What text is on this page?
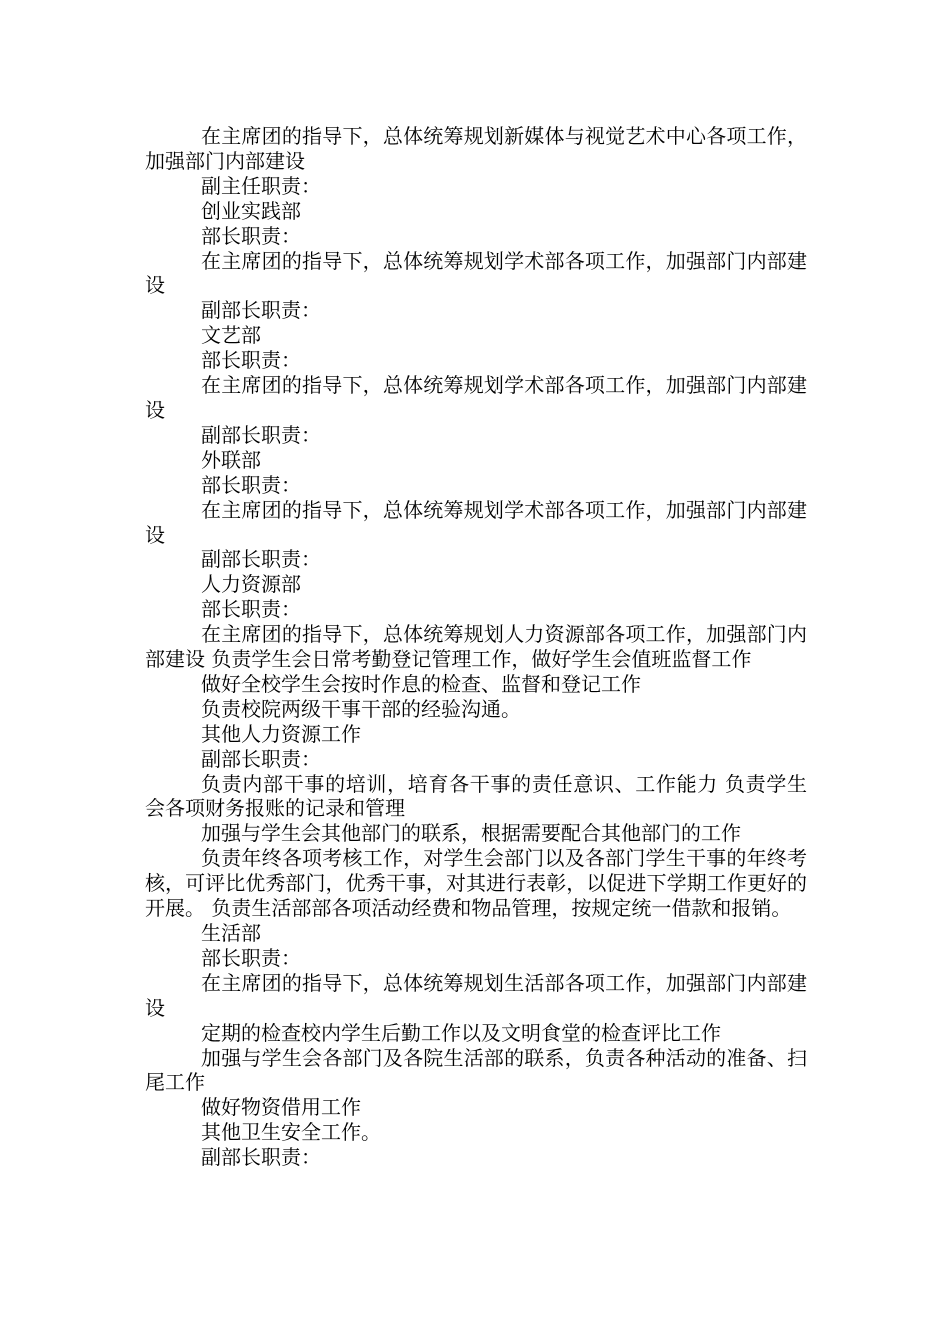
在主席团的指导下，总体统筹规划新媒体与视觉艺术中心各项工作，加强部门内部建设

副主任职责：

创业实践部

部长职责：

在主席团的指导下，总体统筹规划学术部各项工作，加强部门内部建设

副部长职责：

文艺部

部长职责：

在主席团的指导下，总体统筹规划学术部各项工作，加强部门内部建设

副部长职责：

外联部

部长职责：

在主席团的指导下，总体统筹规划学术部各项工作，加强部门内部建设

副部长职责：

人力资源部

部长职责：

在主席团的指导下，总体统筹规划人力资源部各项工作，加强部门内部建设 负责学生会日常考勤登记管理工作，做好学生会值班监督工作

做好全校学生会按时作息的检查、监督和登记工作

负责校院两级干事干部的经验沟通。

其他人力资源工作

副部长职责：

负责内部干事的培训，培育各干事的责任意识、工作能力 负责学生会各项财务报账的记录和管理

加强与学生会其他部门的联系，根据需要配合其他部门的工作

负责年终各项考核工作，对学生会部门以及各部门学生干事的年终考核，可评比优秀部门，优秀干事，对其进行表彰，以促进下学期工作更好的开展。 负责生活部部各项活动经费和物品管理，按规定统一借款和报销。

生活部

部长职责：

在主席团的指导下，总体统筹规划生活部各项工作，加强部门内部建设

定期的检查校内学生后勤工作以及文明食堂的检查评比工作

加强与学生会各部门及各院生活部的联系，负责各种活动的准备、扫尾工作

做好物资借用工作

其他卫生安全工作。

副部长职责：
